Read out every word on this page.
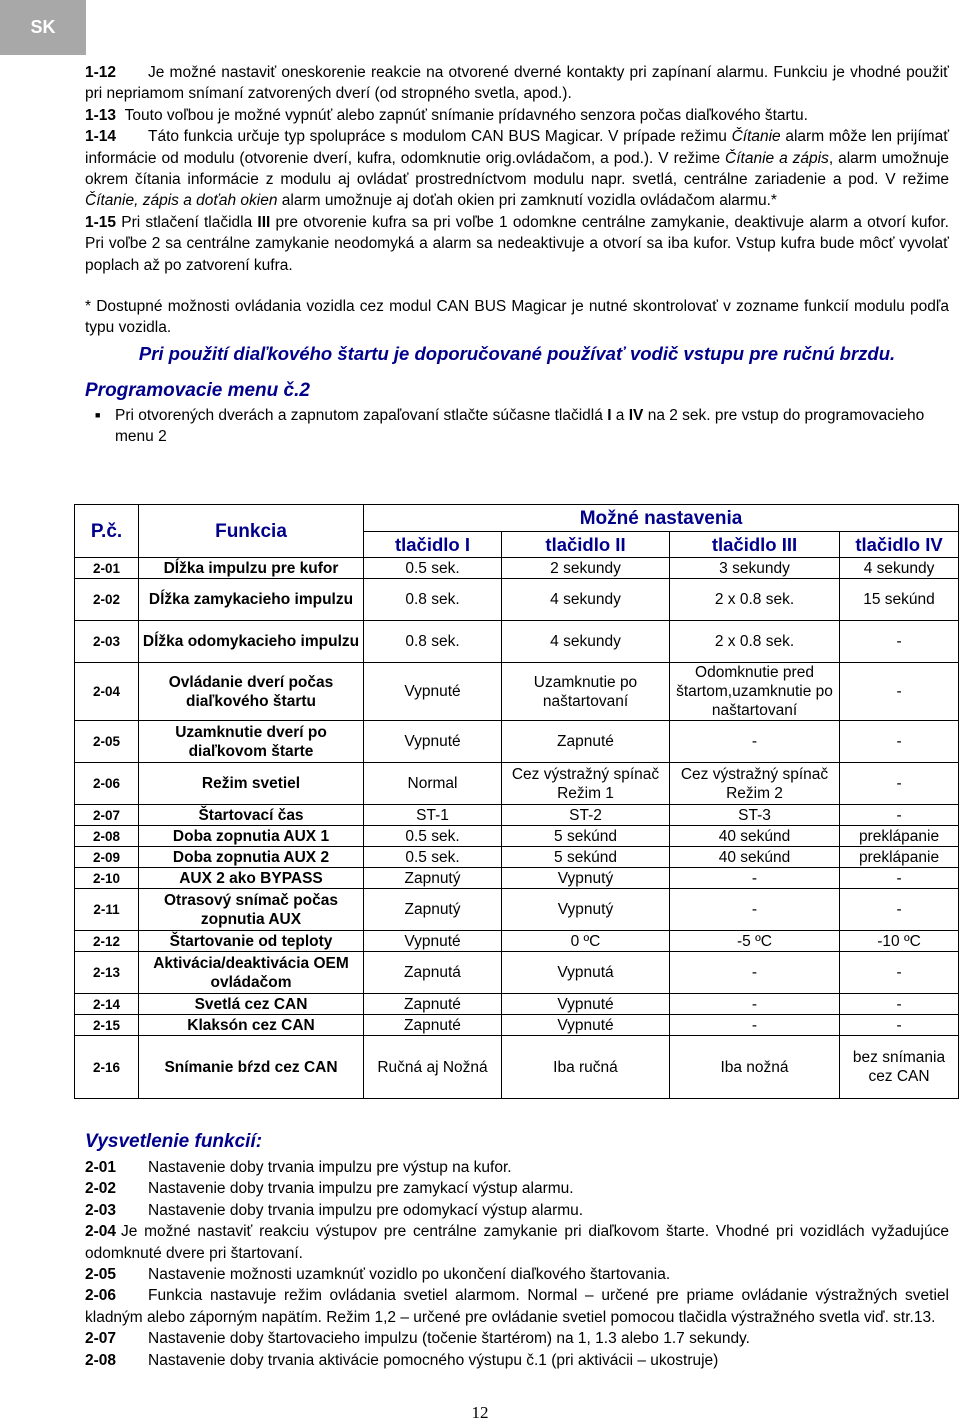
SK

1-12 Je možné nastaviť oneskorenie reakcie na otvorené dverné kontakty pri zapínaní alarmu. Funkciu je vhodné použiť pri nepriamom snímaní zatvorených dverí (od stropného svetla, apod.).

1-13 Touto voľbou je možné vypnúť alebo zapnúť snímanie prídavného senzora počas diaľkového štartu.

1-14 Táto funkcia určuje typ spolupráce s modulom CAN BUS Magicar. V prípade režimu Čítanie alarm môže len prijímať informácie od modulu (otvorenie dverí, kufra, odomknutie orig.ovládačom, a pod.). V režime Čítanie a zápis, alarm umožnuje okrem čítania informácie z modulu aj ovládať prostredníctvom modulu napr. svetlá, centrálne zariadenie a pod. V režime Čítanie, zápis a doťah okien alarm umožnuje aj doťah okien pri zamknutí vozidla ovládačom alarmu.*

1-15 Pri stlačení tlačidla III pre otvorenie kufra sa pri voľbe 1 odomkne centrálne zamykanie, deaktivuje alarm a otvorí kufor. Pri voľbe 2 sa centrálne zamykanie neodomyká a alarm sa nedeaktivuje a otvorí sa iba kufor. Vstup kufra bude môcť vyvolať poplach až po zatvorení kufra.

* Dostupné možnosti ovládania vozidla cez modul CAN BUS Magicar je nutné skontrolovať v zozname funkcií modulu podľa typu vozidla.

Pri použití diaľkového štartu je doporučované používať vodič vstupu pre ručnú brzdu.
Programovacie menu č.2
■ Pri otvorených dverách a zapnutom zapaľovaní stlačte súčasne tlačidlá I a IV na 2 sek. pre vstup do programovacieho menu 2
P.č.	Funkcia	Možné nastavenia			
		tlačidlo I	tlačidlo II	tlačidlo III	tlačidlo IV
2-01	Dĺžka impulzu pre kufor	0.5 sek.	2 sekundy	3 sekundy	4 sekundy
2-02	Dĺžka zamykacieho impulzu	0.8 sek.	4 sekundy	2 x 0.8 sek.	15 sekúnd
2-03	Dĺžka odomykacieho impulzu	0.8 sek.	4 sekundy	2 x 0.8 sek.	-
2-04	Ovládanie dverí počas diaľkového štartu	Vypnuté	Uzamknutie po naštartovaní	Odomknutie pred štartom,uzamknutie po naštartovaní	-
2-05	Uzamknutie dverí po diaľkovom štarte	Vypnuté	Zapnuté	-	-
2-06	Režim svetiel	Normal	Cez výstražný spínač Režim 1	Cez výstražný spínač Režim 2	-
2-07	Štartovací čas	ST-1	ST-2	ST-3	-
2-08	Doba zopnutia AUX 1	0.5 sek.	5 sekúnd	40 sekúnd	preklápanie
2-09	Doba zopnutia AUX 2	0.5 sek.	5 sekúnd	40 sekúnd	preklápanie
2-10	AUX 2 ako BYPASS	Zapnutý	Vypnutý	-	-
2-11	Otrasový snímač počas zopnutia AUX	Zapnutý	Vypnutý	-	-
2-12	Štartovanie od teploty	Vypnuté	0 ºC	-5 ºC	-10 ºC
2-13	Aktivácia/deaktivácia OEM ovládačom	Zapnutá	Vypnutá	-	-
2-14	Svetlá cez CAN	Zapnuté	Vypnuté	-	-
2-15	Klaksón cez CAN	Zapnuté	Vypnuté	-	-
2-16	Snímanie bŕzd cez CAN	Ručná aj Nožná	Iba ručná	Iba nožná	bez snímania cez CAN
Vysvetlenie funkcií:

2-01 Nastavenie doby trvania impulzu pre výstup na kufor.

2-02 Nastavenie doby trvania impulzu pre zamykací výstup alarmu.

2-03 Nastavenie doby trvania impulzu pre odomykací výstup alarmu.

2-04 Je možné nastaviť reakciu výstupov pre centrálne zamykanie pri diaľkovom štarte. Vhodné pri vozidlách vyžadujúce odomknuté dvere pri štartovaní.

2-05 Nastavenie možnosti uzamknúť vozidlo po ukončení diaľkového štartovania.

2-06 Funkcia nastavuje režim ovládania svetiel alarmom. Normal – určené pre priame ovládanie výstražných svetiel kladným alebo záporným napätím. Režim 1,2 – určené pre ovládanie svetiel pomocou tlačidla výstražného svetla viď. str.13.

2-07 Nastavenie doby štartovacieho impulzu (točenie štartérom) na 1, 1.3 alebo 1.7 sekundy.

2-08 Nastavenie doby trvania aktivácie pomocného výstupu č.1 (pri aktivácii – ukostruje)

12
